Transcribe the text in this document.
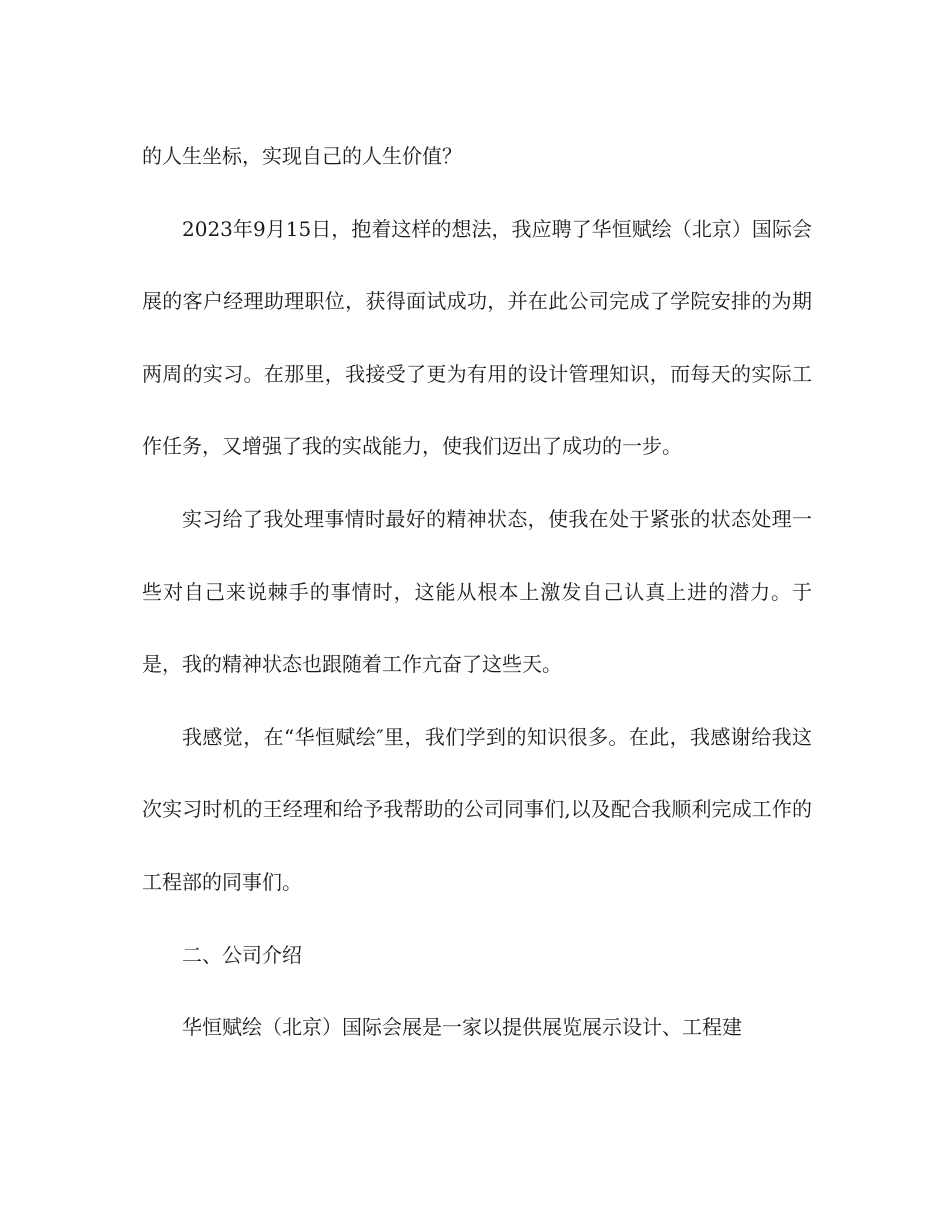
的人生坐标，实现自己的人生价值？

2023年9月15日，抱着这样的想法，我应聘了华恒赋绘（北京）国际会展的客户经理助理职位，获得面试成功，并在此公司完成了学院安排的为期两周的实习。在那里，我接受了更为有用的设计管理知识，而每天的实际工作任务，又增强了我的实战能力，使我们迈出了成功的一步。

实习给了我处理事情时最好的精神状态，使我在处于紧张的状态处理一些对自己来说棘手的事情时，这能从根本上激发自己认真上进的潜力。于是，我的精神状态也跟随着工作亢奋了这些天。

我感觉，在“华恒赋绘″里，我们学到的知识很多。在此，我感谢给我这次实习时机的王经理和给予我帮助的公司同事们,以及配合我顺利完成工作的工程部的同事们。

二、公司介绍

华恒赋绘（北京）国际会展是一家以提供展览展示设计、工程建
